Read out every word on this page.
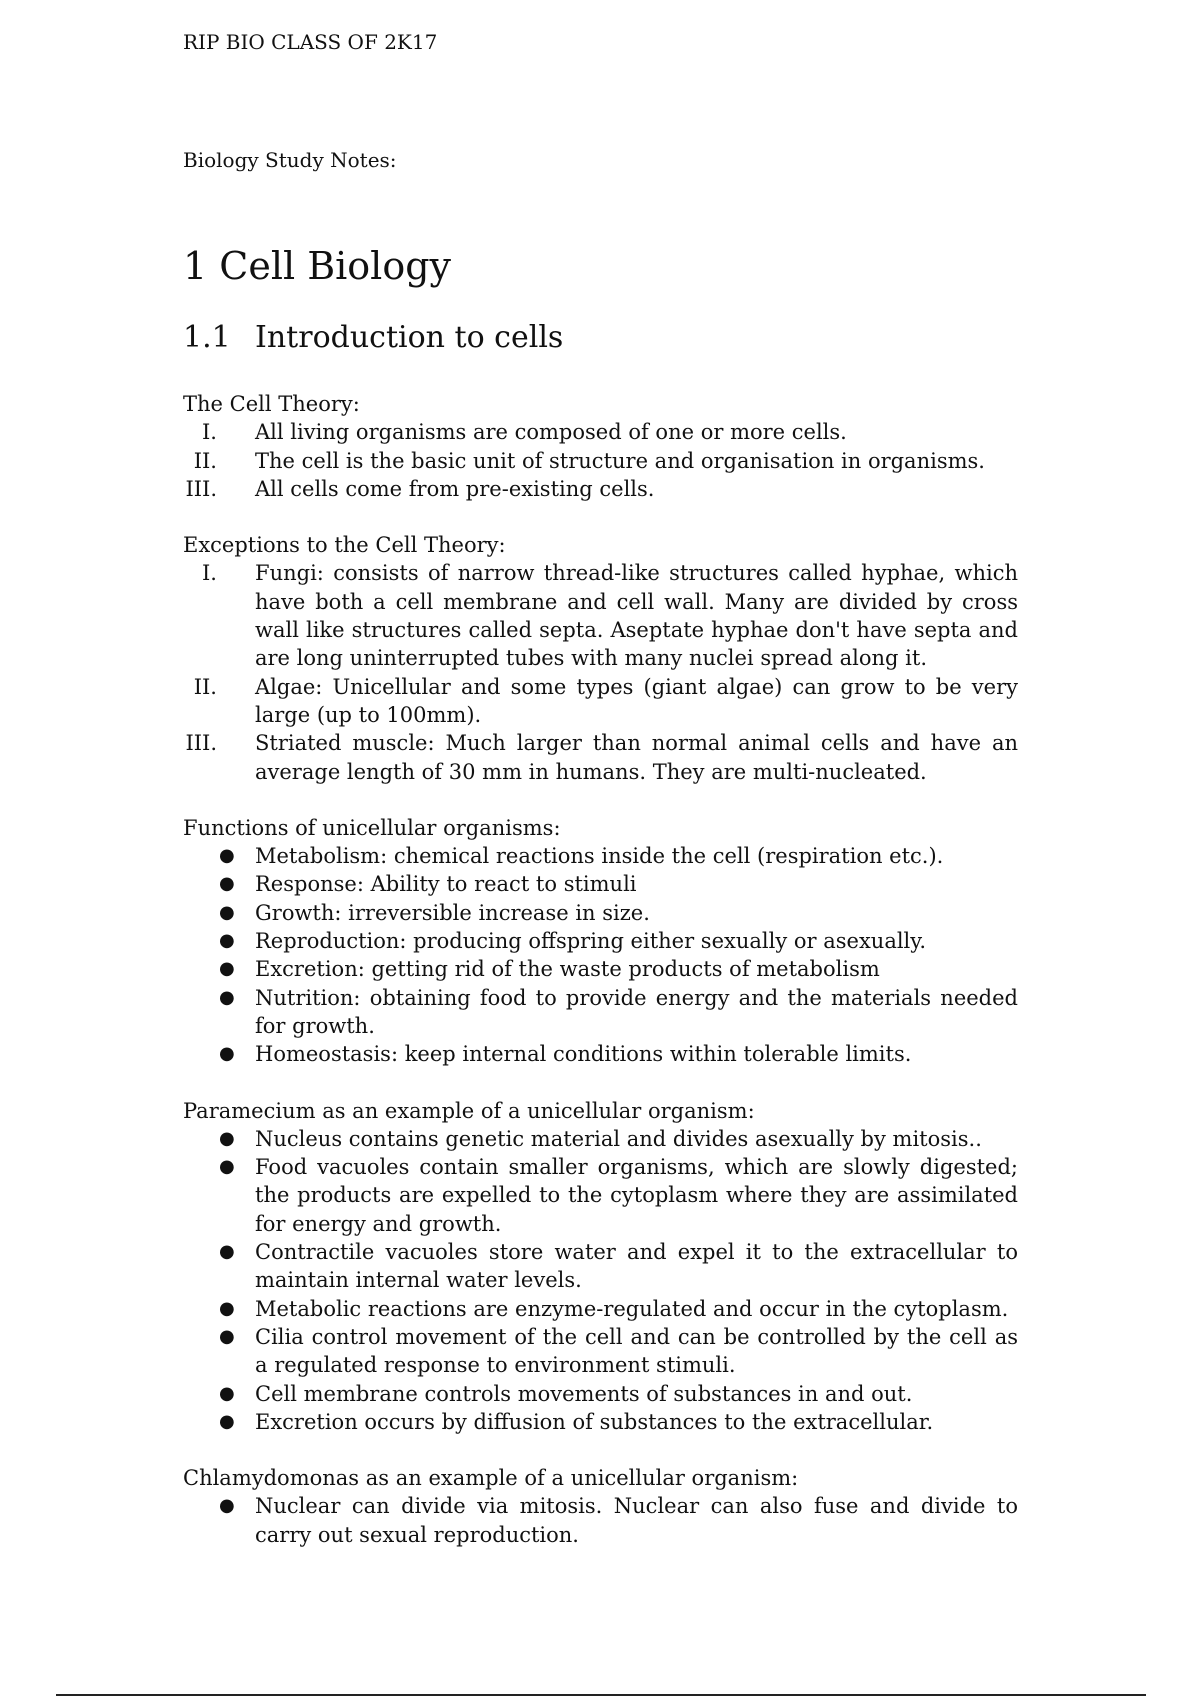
RIP BIO CLASS OF 2K17

Biology Study Notes:

1 Cell Biology
1.1 Introduction to cells

The Cell Theory:

I. All living organisms are composed of one or more cells.
II. The cell is the basic unit of structure and organisation in organisms.
III. All cells come from pre-existing cells.

Exceptions to the Cell Theory:

I. Fungi: consists of narrow thread-like structures called hyphae, which have both a cell membrane and cell wall. Many are divided by cross wall like structures called septa. Aseptate hyphae don't have septa and are long uninterrupted tubes with many nuclei spread along it.
II. Algae: Unicellular and some types (giant algae) can grow to be very large (up to 100mm).
III. Striated muscle: Much larger than normal animal cells and have an average length of 30 mm in humans. They are multi-nucleated.

Functions of unicellular organisms:

● Metabolism: chemical reactions inside the cell (respiration etc.).
● Response: Ability to react to stimuli
● Growth: irreversible increase in size.
● Reproduction: producing offspring either sexually or asexually.
● Excretion: getting rid of the waste products of metabolism
● Nutrition: obtaining food to provide energy and the materials needed for growth.
● Homeostasis: keep internal conditions within tolerable limits.

Paramecium as an example of a unicellular organism:

● Nucleus contains genetic material and divides asexually by mitosis..
● Food vacuoles contain smaller organisms, which are slowly digested; the products are expelled to the cytoplasm where they are assimilated for energy and growth.
● Contractile vacuoles store water and expel it to the extracellular to maintain internal water levels.
● Metabolic reactions are enzyme-regulated and occur in the cytoplasm.
● Cilia control movement of the cell and can be controlled by the cell as a regulated response to environment stimuli.
● Cell membrane controls movements of substances in and out.
● Excretion occurs by diffusion of substances to the extracellular.

Chlamydomonas as an example of a unicellular organism:

● Nuclear can divide via mitosis. Nuclear can also fuse and divide to carry out sexual reproduction.
